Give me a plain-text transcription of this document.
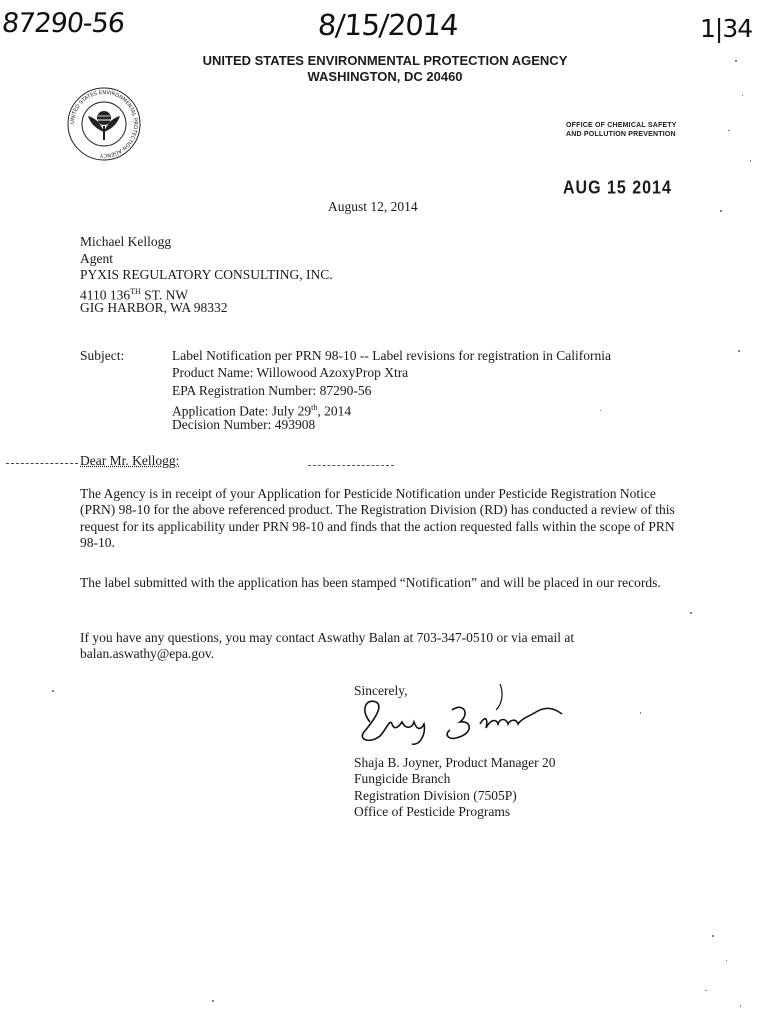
87290-56	8/15/2014	1|34
UNITED STATES ENVIRONMENTAL PROTECTION AGENCY
WASHINGTON, DC 20460
UNITED STATES ENVIRONMENTAL PROTECTION AGENCY
OFFICE OF CHEMICAL SAFETY
AND POLLUTION PREVENTION
AUG 15 2014
August 12, 2014
Michael Kellogg
Agent
PYXIS REGULATORY CONSULTING, INC.
4110 136TH ST. NW
GIG HARBOR, WA 98332
Subject:	Label Notification per PRN 98-10 -- Label revisions for registration in California
Product Name: Willowood AzoxyProp Xtra
EPA Registration Number: 87290-56
Application Date: July 29th, 2014
Decision Number: 493908
Dear Mr. Kellogg:
The Agency is in receipt of your Application for Pesticide Notification under Pesticide Registration Notice (PRN) 98-10 for the above referenced product. The Registration Division (RD) has conducted a review of this request for its applicability under PRN 98-10 and finds that the action requested falls within the scope of PRN 98-10.
The label submitted with the application has been stamped “Notification” and will be placed in our records.
If you have any questions, you may contact Aswathy Balan at 703-347-0510 or via email at balan.aswathy@epa.gov.
Sincerely,
Shaja B. Joyner, Product Manager 20
Fungicide Branch
Registration Division (7505P)
Office of Pesticide Programs
